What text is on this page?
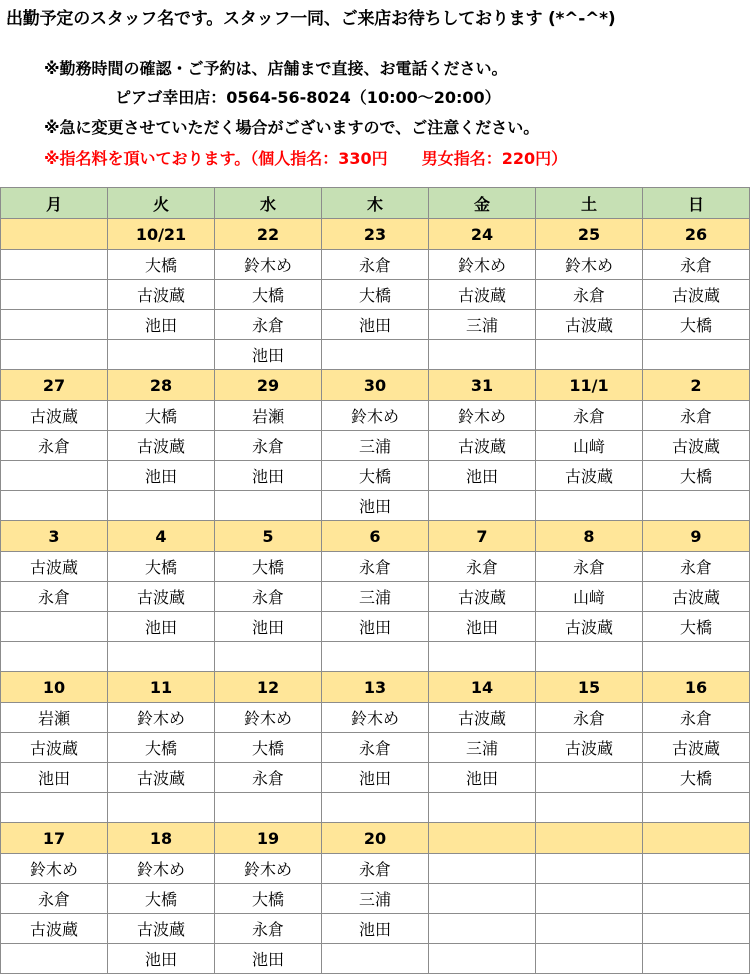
出勤予定のスタッフ名です。スタッフ一同、ご来店お待ちしております (*^-^*)
※勤務時間の確認・ご予約は、店舗まで直接、お電話ください。
ピアゴ幸田店：0564-56-8024（10:00〜20:00）
※急に変更させていただく場合がございますので、ご注意ください。
※指名料を頂いております。（個人指名：330円 男女指名：220円）
月	火	水	木	金	土	日
	10/21	22	23	24	25	26
	大橋	鈴木め	永倉	鈴木め	鈴木め	永倉
	古波蔵	大橋	大橋	古波蔵	永倉	古波蔵
	池田	永倉	池田	三浦	古波蔵	大橋
		池田				
27	28	29	30	31	11/1	2
古波蔵	大橋	岩瀬	鈴木め	鈴木め	永倉	永倉
永倉	古波蔵	永倉	三浦	古波蔵	山﨑	古波蔵
	池田	池田	大橋	池田	古波蔵	大橋
			池田			
3	4	5	6	7	8	9
古波蔵	大橋	大橋	永倉	永倉	永倉	永倉
永倉	古波蔵	永倉	三浦	古波蔵	山﨑	古波蔵
	池田	池田	池田	池田	古波蔵	大橋

10	11	12	13	14	15	16
岩瀬	鈴木め	鈴木め	鈴木め	古波蔵	永倉	永倉
古波蔵	大橋	大橋	永倉	三浦	古波蔵	古波蔵
池田	古波蔵	永倉	池田	池田		大橋

17	18	19	20			
鈴木め	鈴木め	鈴木め	永倉			
永倉	大橋	大橋	三浦			
古波蔵	古波蔵	永倉	池田			
	池田	池田				
